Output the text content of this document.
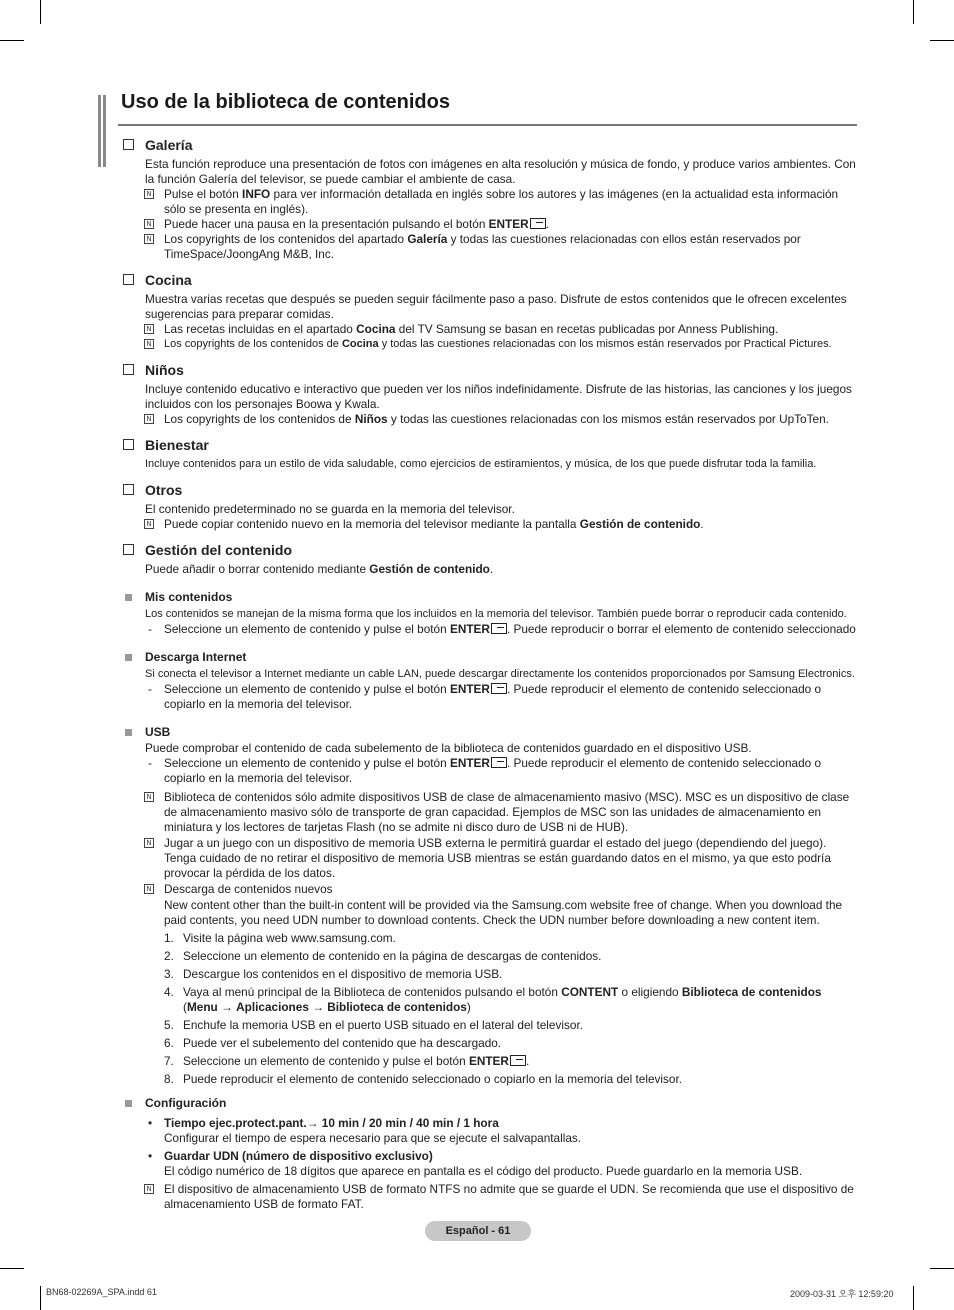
Uso de la biblioteca de contenidos
Galería
Esta función reproduce una presentación de fotos con imágenes en alta resolución y música de fondo, y produce varios ambientes. Con la función Galería del televisor, se puede cambiar el ambiente de casa.
N Pulse el botón INFO para ver información detallada en inglés sobre los autores y las imágenes (en la actualidad esta información sólo se presenta en inglés).
N Puede hacer una pausa en la presentación pulsando el botón ENTER .
N Los copyrights de los contenidos del apartado Galería y todas las cuestiones relacionadas con ellos están reservados por TimeSpace/JoongAng M&B, Inc.
Cocina
Muestra varias recetas que después se pueden seguir fácilmente paso a paso. Disfrute de estos contenidos que le ofrecen excelentes sugerencias para preparar comidas.
N Las recetas incluidas en el apartado Cocina del TV Samsung se basan en recetas publicadas por Anness Publishing.
N Los copyrights de los contenidos de Cocina y todas las cuestiones relacionadas con los mismos están reservados por Practical Pictures.
Niños
Incluye contenido educativo e interactivo que pueden ver los niños indefinidamente. Disfrute de las historias, las canciones y los juegos incluidos con los personajes Boowa y Kwala.
N Los copyrights de los contenidos de Niños y todas las cuestiones relacionadas con los mismos están reservados por UpToTen.
Bienestar
Incluye contenidos para un estilo de vida saludable, como ejercicios de estiramientos, y música, de los que puede disfrutar toda la familia.
Otros
El contenido predeterminado no se guarda en la memoria del televisor.
N Puede copiar contenido nuevo en la memoria del televisor mediante la pantalla Gestión de contenido.
Gestión del contenido
Puede añadir o borrar contenido mediante Gestión de contenido.
Mis contenidos
Los contenidos se manejan de la misma forma que los incluidos en la memoria del televisor. También puede borrar o reproducir cada contenido.
- Seleccione un elemento de contenido y pulse el botón ENTER . Puede reproducir o borrar el elemento de contenido seleccionado
Descarga Internet
Si conecta el televisor a Internet mediante un cable LAN, puede descargar directamente los contenidos proporcionados por Samsung Electronics.
- Seleccione un elemento de contenido y pulse el botón ENTER . Puede reproducir el elemento de contenido seleccionado o copiarlo en la memoria del televisor.
USB
Puede comprobar el contenido de cada subelemento de la biblioteca de contenidos guardado en el dispositivo USB.
- Seleccione un elemento de contenido y pulse el botón ENTER . Puede reproducir el elemento de contenido seleccionado o copiarlo en la memoria del televisor.
N Biblioteca de contenidos sólo admite dispositivos USB de clase de almacenamiento masivo (MSC). MSC es un dispositivo de clase de almacenamiento masivo sólo de transporte de gran capacidad. Ejemplos de MSC son las unidades de almacenamiento en miniatura y los lectores de tarjetas Flash (no se admite ni disco duro de USB ni de HUB).
N Jugar a un juego con un dispositivo de memoria USB externa le permitirá guardar el estado del juego (dependiendo del juego). Tenga cuidado de no retirar el dispositivo de memoria USB mientras se están guardando datos en el mismo, ya que esto podría provocar la pérdida de los datos.
N Descarga de contenidos nuevos
New content other than the built-in content will be provided via the Samsung.com website free of change. When you download the paid contents, you need UDN number to download contents. Check the UDN number before downloading a new content item.
1. Visite la página web www.samsung.com.
2. Seleccione un elemento de contenido en la página de descargas de contenidos.
3. Descargue los contenidos en el dispositivo de memoria USB.
4. Vaya al menú principal de la Biblioteca de contenidos pulsando el botón CONTENT o eligiendo Biblioteca de contenidos
(Menu → Aplicaciones → Biblioteca de contenidos)
5. Enchufe la memoria USB en el puerto USB situado en el lateral del televisor.
6. Puede ver el subelemento del contenido que ha descargado.
7. Seleccione un elemento de contenido y pulse el botón ENTER .
8. Puede reproducir el elemento de contenido seleccionado o copiarlo en la memoria del televisor.
Configuración
• Tiempo ejec.protect.pant.→ 10 min / 20 min / 40 min / 1 hora
Configurar el tiempo de espera necesario para que se ejecute el salvapantallas.
• Guardar UDN (número de dispositivo exclusivo)
El código numérico de 18 dígitos que aparece en pantalla es el código del producto. Puede guardarlo en la memoria USB.
N El dispositivo de almacenamiento USB de formato NTFS no admite que se guarde el UDN. Se recomienda que use el dispositivo de almacenamiento USB de formato FAT.
Español - 61
BN68-02269A_SPA.indd 61	2009-03-31 오후 12:59:20
